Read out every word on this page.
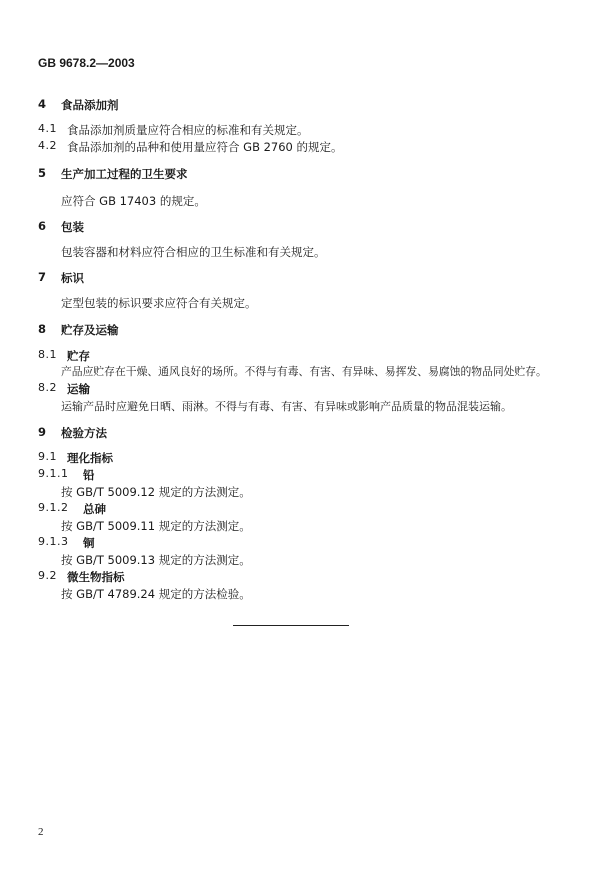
GB 9678.2—2003
4 食品添加剂
4.1 食品添加剂质量应符合相应的标准和有关规定。
4.2 食品添加剂的品种和使用量应符合 GB 2760 的规定。
5 生产加工过程的卫生要求
应符合 GB 17403 的规定。
6 包装
包装容器和材料应符合相应的卫生标准和有关规定。
7 标识
定型包装的标识要求应符合有关规定。
8 贮存及运输
8.1 贮存
产品应贮存在干燥、通风良好的场所。不得与有毒、有害、有异味、易挥发、易腐蚀的物品同处贮存。
8.2 运输
运输产品时应避免日晒、雨淋。不得与有毒、有害、有异味或影响产品质量的物品混装运输。
9 检验方法
9.1 理化指标
9.1.1 铅
按 GB/T 5009.12 规定的方法测定。
9.1.2 总砷
按 GB/T 5009.11 规定的方法测定。
9.1.3 铜
按 GB/T 5009.13 规定的方法测定。
9.2 微生物指标
按 GB/T 4789.24 规定的方法检验。
2
